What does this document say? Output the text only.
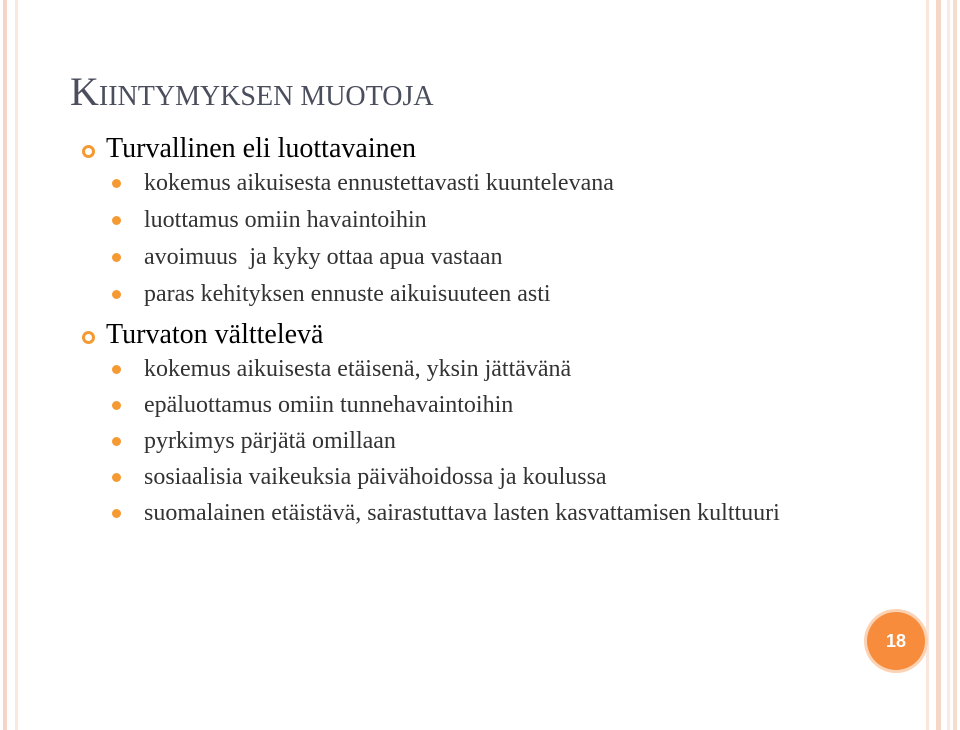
KIINTYMYKSEN MUOTOJA
Turvallinen eli luottavainen
kokemus aikuisesta ennustettavasti kuuntelevana
luottamus omiin havaintoihin
avoimuus  ja kyky ottaa apua vastaan
paras kehityksen ennuste aikuisuuteen asti
Turvaton välttelevä
kokemus aikuisesta etäisenä, yksin jättävänä
epäluottamus omiin tunnehavaintoihin
pyrkimys pärjätä omillaan
sosiaalisia vaikeuksia päivähoidossa ja koulussa
suomalainen etäistävä, sairastuttava lasten kasvattamisen kulttuuri
18
